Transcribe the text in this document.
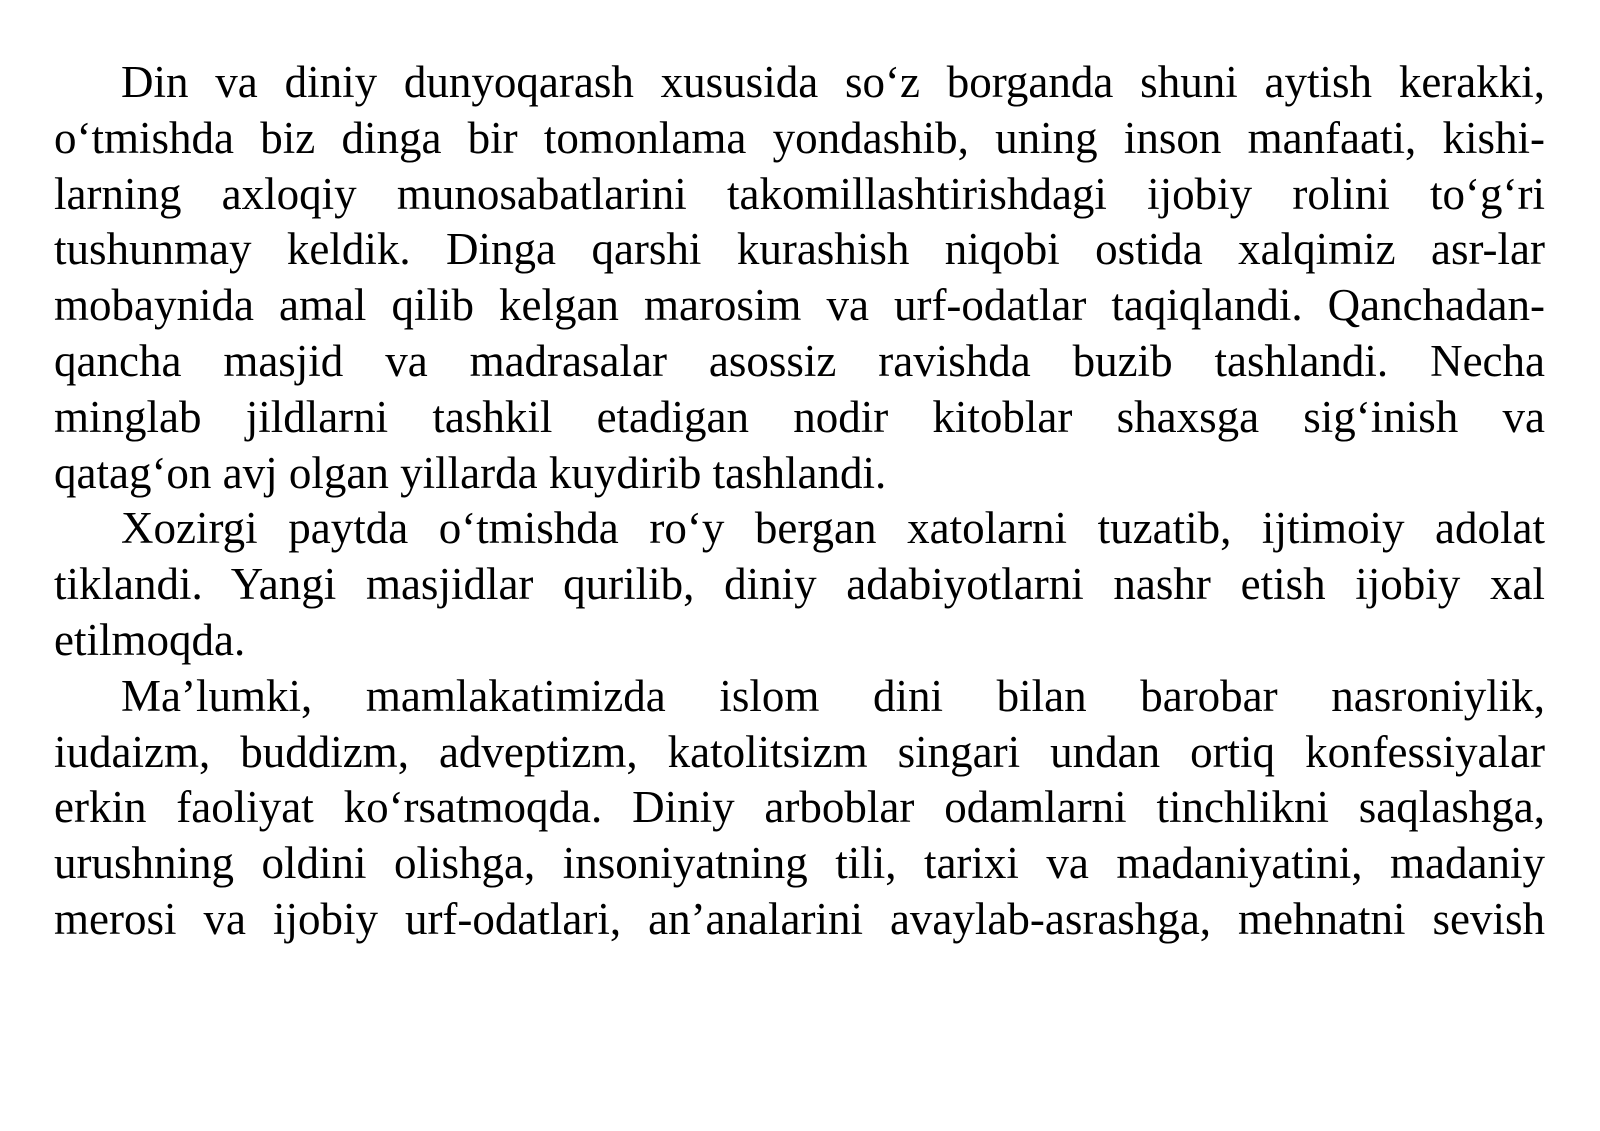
Din va diniy dunyoqarash xususida so‘z borganda shuni aytish kerakki,
o‘tmishda biz dinga bir tomonlama yondashib, uning inson manfaati, kishi-
larning axloqiy munosabatlarini takomillashtirishdagi ijobiy rolini to‘g‘ri
tushunmay keldik. Dinga qarshi kurashish niqobi ostida xalqimiz asr-lar
mobaynida amal qilib kelgan marosim va urf-odatlar taqiqlandi. Qanchadan-
qancha masjid va madrasalar asossiz ravishda buzib tashlandi. Necha
minglab jildlarni tashkil etadigan nodir kitoblar shaxsga sig‘inish va
qatag‘on avj olgan yillarda kuydirib tashlandi.
Xozirgi paytda o‘tmishda ro‘y bergan xatolarni tuzatib, ijtimoiy adolat
tiklandi. Yangi masjidlar qurilib, diniy adabiyotlarni nashr etish ijobiy xal
etilmoqda.
Ma’lumki, mamlakatimizda islom dini bilan barobar nasroniylik,
iudaizm, buddizm, adveptizm, katolitsizm singari undan ortiq konfessiyalar
erkin faoliyat ko‘rsatmoqda. Diniy arboblar odamlarni tinchlikni saqlashga,
urushning oldini olishga, insoniyatning tili, tarixi va madaniyatini, madaniy
merosi va ijobiy urf-odatlari, an’analarini avaylab-asrashga, mehnatni sevish
